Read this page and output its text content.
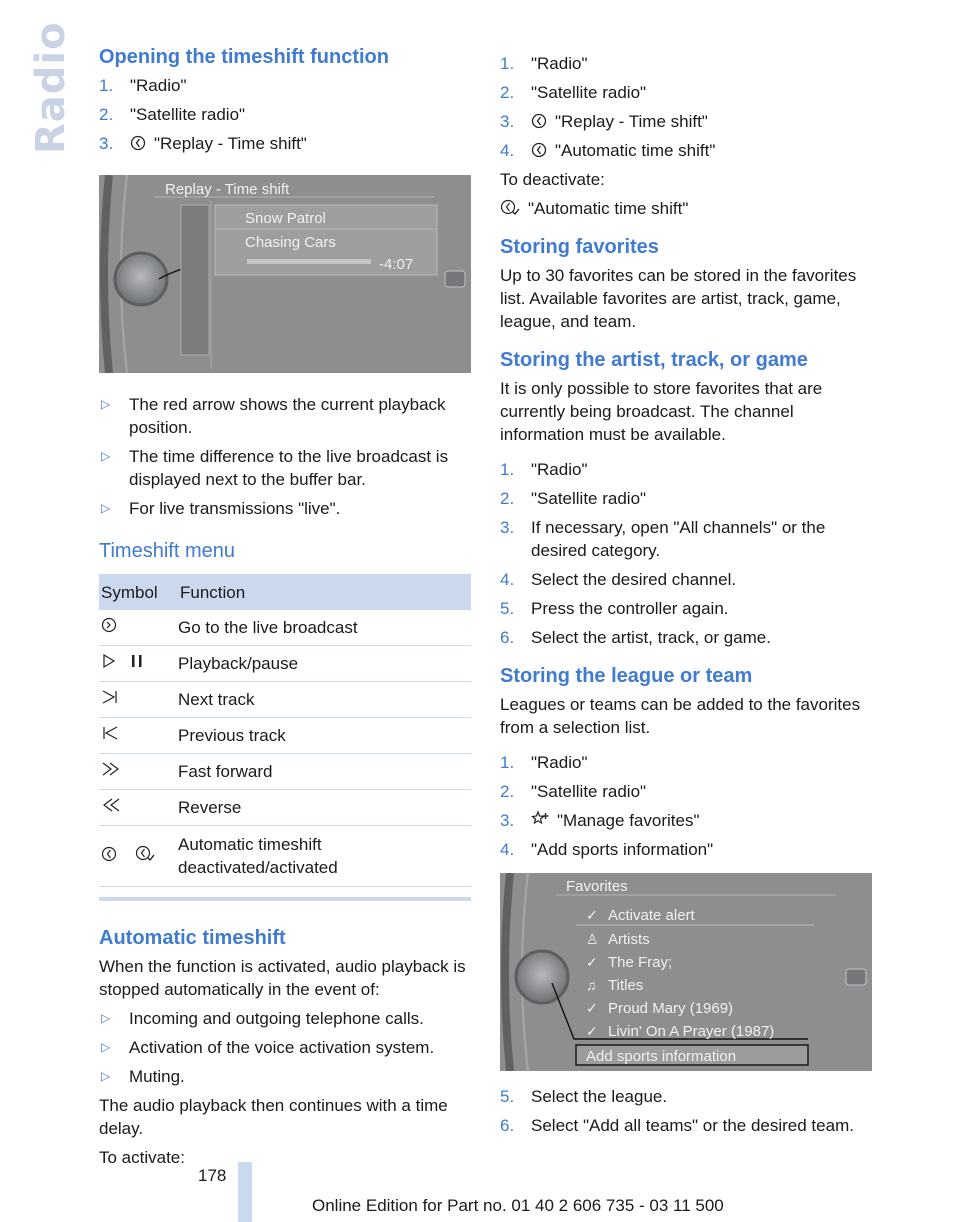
Radio Opening the timeshift function
1. "Radio"
2. "Satellite radio"
3. "Replay - Time shift"
Replay - Time shift
Snow Patrol
Chasing Cars
-4:07
▷ The red arrow shows the current playback position.
▷ The time difference to the live broadcast is displayed next to the buffer bar.
▷ For live transmissions "live".
Timeshift menu
Symbol	Function
	Go to the live broadcast
	Playback/pause
	Next track
	Previous track
	Fast forward
	Reverse
	Automatic timeshift deactivated/activated
Automatic timeshift

When the function is activated, audio playback is stopped automatically in the event of:

▷ Incoming and outgoing telephone calls.
▷ Activation of the voice activation system.
▷ Muting.

The audio playback then continues with a time delay.

To activate:

1. "Radio"
2. "Satellite radio"
3. "Replay - Time shift"
4. "Automatic time shift"

To deactivate:

"Automatic time shift"

Storing favorites

Up to 30 favorites can be stored in the favorites list. Available favorites are artist, track, game, league, and team.

Storing the artist, track, or game

It is only possible to store favorites that are currently being broadcast. The channel information must be available.

1. "Radio"
2. "Satellite radio"
3. If necessary, open "All channels" or the desired category.
4. Select the desired channel.
5. Press the controller again.
6. Select the artist, track, or game.
Storing the league or team

Leagues or teams can be added to the favorites from a selection list.

1. "Radio"
2. "Satellite radio"
3.	"Manage favorites"
4. "Add sports information"
Favorites
Activate alert
Artists
The Fray;
Titles
Proud Mary (1969)
Livin' On A Prayer (1987)
Add sports information
✓
♙
✓
♫
✓
✓
5. Select the league.
6. Select "Add all teams" or the desired team.
178
Online Edition for Part no. 01 40 2 606 735 - 03 11 500
